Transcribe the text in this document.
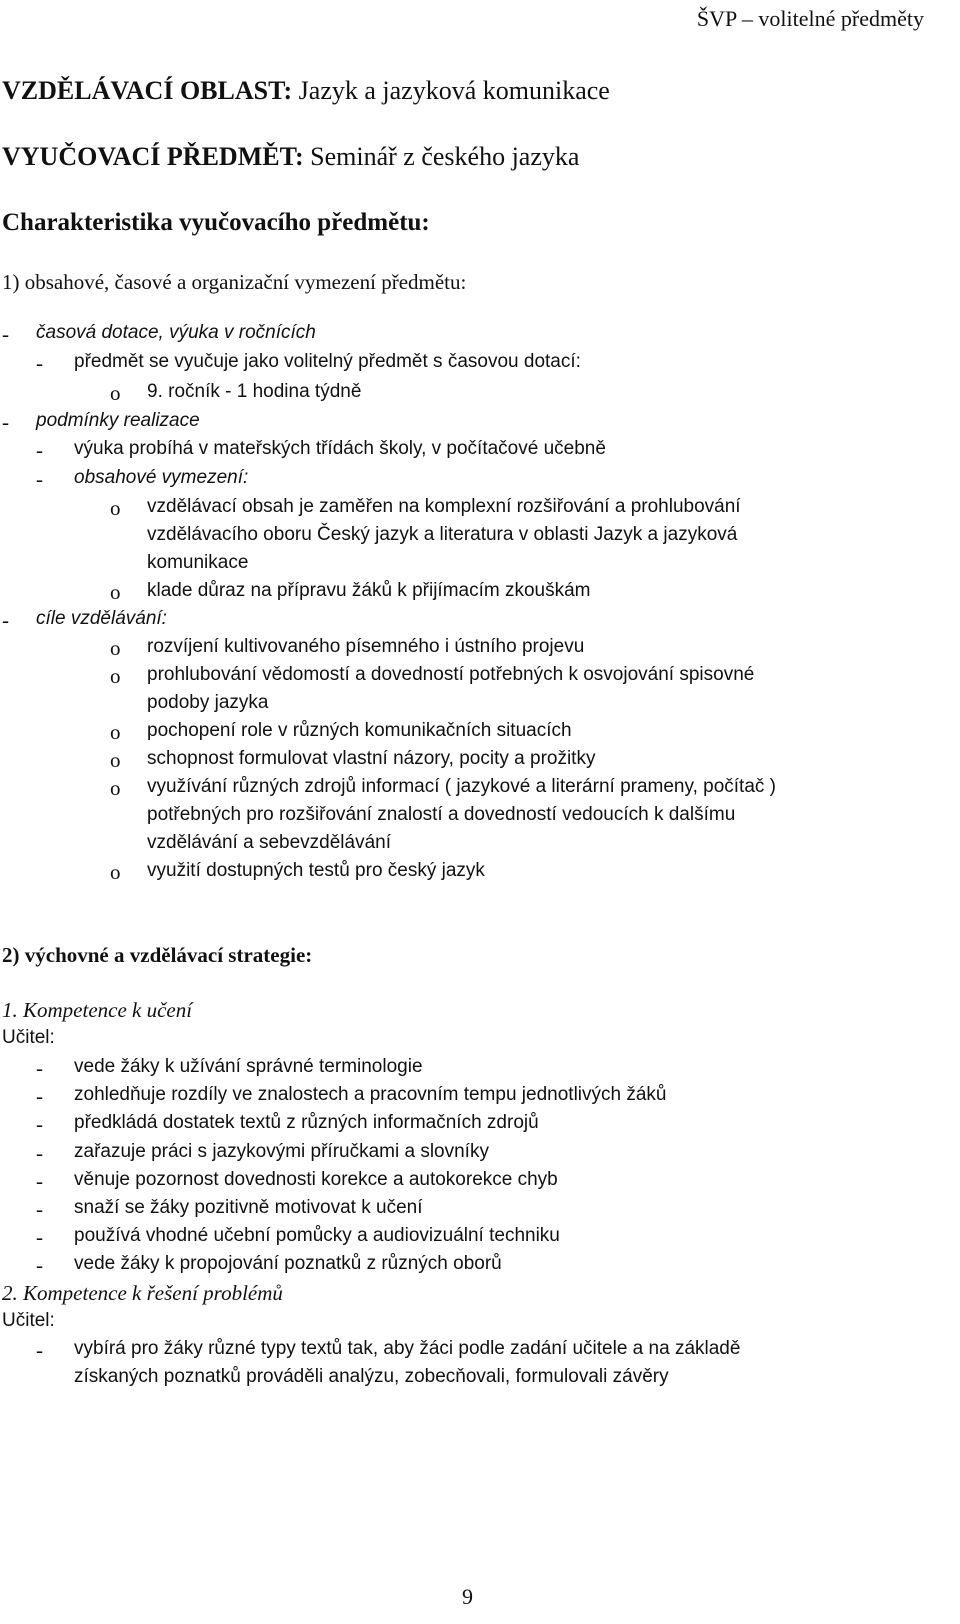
ŠVP – volitelné předměty
VZDĚLÁVACÍ OBLAST: Jazyk a jazyková komunikace
VYUČOVACÍ PŘEDMĚT: Seminář z českého jazyka
Charakteristika vyučovacího předmětu:
1) obsahové, časové a organizační vymezení předmětu:
- časová dotace, výuka v ročnících
- předmět se vyučuje jako volitelný předmět s časovou dotací:
o 9. ročník - 1 hodina týdně
- podmínky realizace
- výuka probíhá v mateřských třídách školy, v počítačové učebně
- obsahové vymezení:
o vzdělávací obsah je zaměřen na komplexní rozšiřování a prohlubování
vzdělávacího oboru Český jazyk a literatura v oblasti Jazyk a jazyková
komunikace
o klade důraz na přípravu žáků k přijímacím zkouškám
- cíle vzdělávání:
o rozvíjení kultivovaného písemného i ústního projevu
o prohlubování vědomostí a dovedností potřebných k osvojování spisovné
podoby jazyka
o pochopení role v různých komunikačních situacích
o schopnost formulovat vlastní názory, pocity a prožitky
o využívání různých zdrojů informací ( jazykové a literární prameny, počítač )
potřebných pro rozšiřování znalostí a dovedností vedoucích k dalšímu
vzdělávání a sebevzdělávání
o využití dostupných testů pro český jazyk
2) výchovné a vzdělávací strategie:
1. Kompetence k učení
Učitel:
- vede žáky k užívání správné terminologie
- zohledňuje rozdíly ve znalostech a pracovním tempu jednotlivých žáků
- předkládá dostatek textů z různých informačních zdrojů
- zařazuje práci s jazykovými příručkami a slovníky
- věnuje pozornost dovednosti korekce a autokorekce chyb
- snaží se žáky pozitivně motivovat k učení
- používá vhodné učební pomůcky a audiovizuální techniku
- vede žáky k propojování poznatků z různých oborů
2. Kompetence k řešení problémů
Učitel:
- vybírá pro žáky různé typy textů tak, aby žáci podle zadání učitele a na základě
získaných poznatků prováděli analýzu, zobecňovali, formulovali závěry
9
